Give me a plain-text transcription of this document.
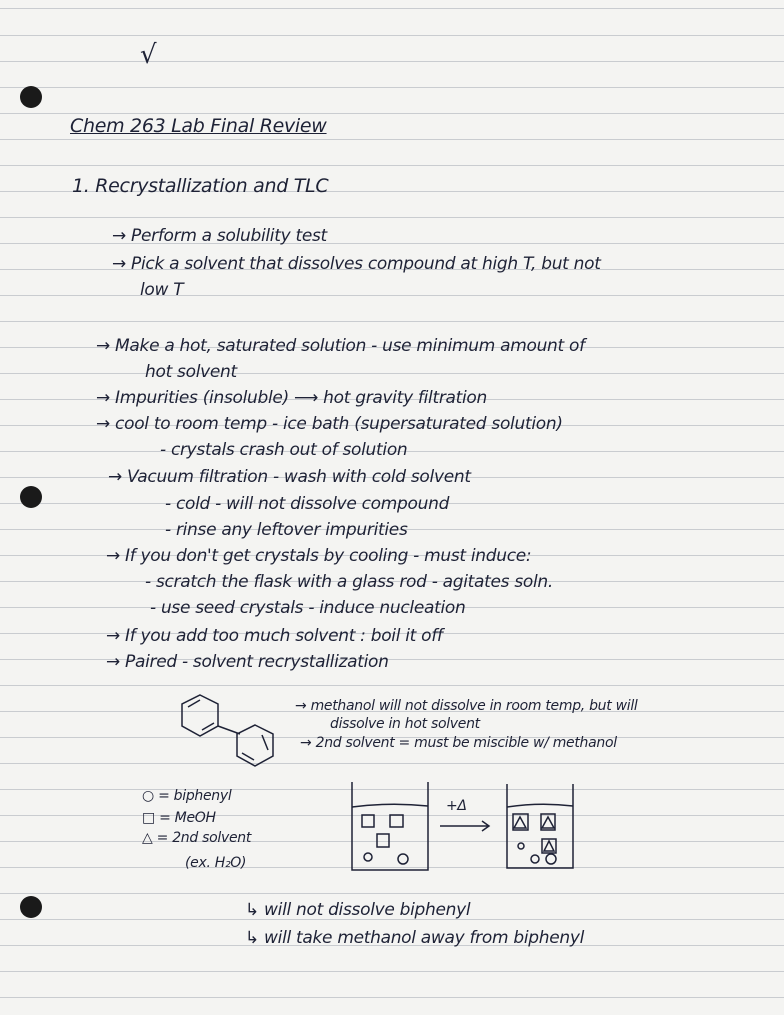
√
Chem 263 Lab Final Review
1. Recrystallization and TLC
→ Perform a solubility test
→ Pick a solvent that dissolves compound at high T, but not
low T
→ Make a hot, saturated solution - use minimum amount of
hot solvent
→ Impurities (insoluble) ⟶ hot gravity filtration
→ cool to room temp - ice bath (supersaturated solution)
- crystals crash out of solution
→ Vacuum filtration - wash with cold solvent
- cold - will not dissolve compound
- rinse any leftover impurities
→ If you don't get crystals by cooling - must induce:
- scratch the flask with a glass rod - agitates soln.
- use seed crystals - induce nucleation
→ If you add too much solvent : boil it off
→ Paired - solvent recrystallization
→ methanol will not dissolve in room temp, but will
dissolve in hot solvent
→ 2nd solvent = must be miscible w/ methanol
○ = biphenyl
□ = MeOH
△ = 2nd solvent
(ex. H₂O)
+Δ
↳ will not dissolve biphenyl
↳ will take methanol away from biphenyl
